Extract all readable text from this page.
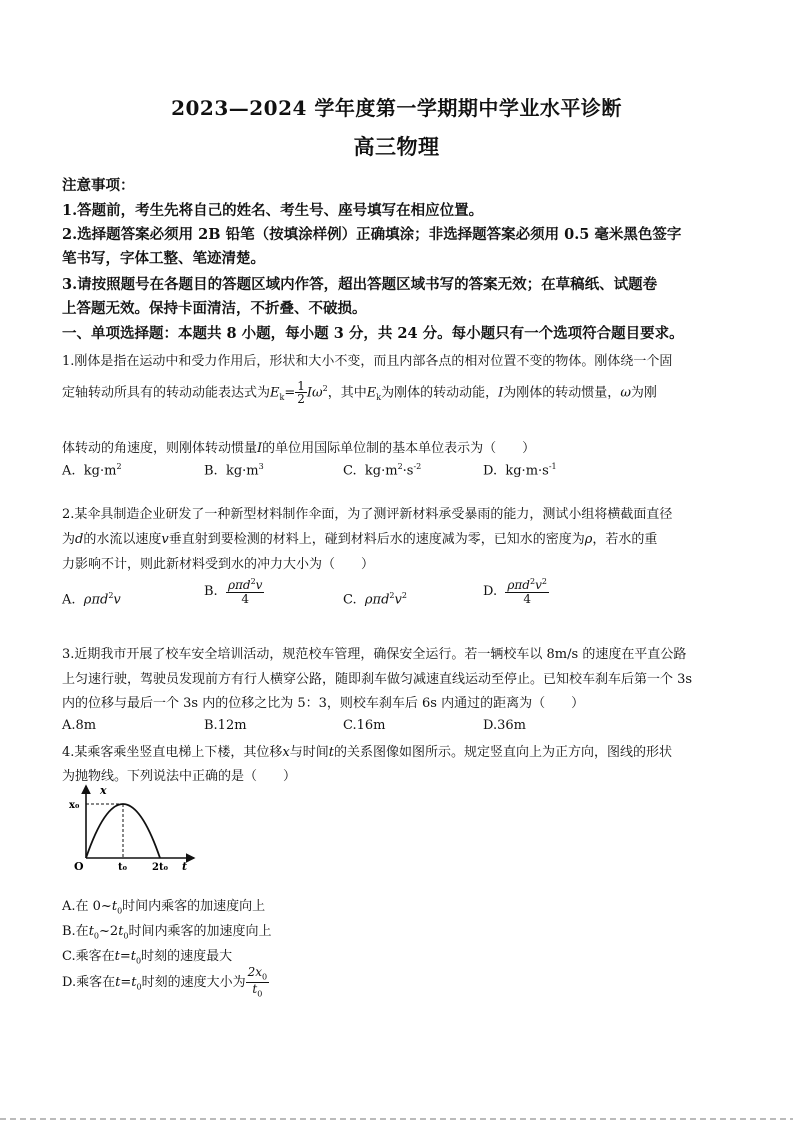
2023—2024 学年度第一学期期中学业水平诊断
高三物理
注意事项：
1.答题前，考生先将自己的姓名、考生号、座号填写在相应位置。
2.选择题答案必须用 2B 铅笔（按填涂样例）正确填涂；非选择题答案必须用 0.5 毫米黑色签字
笔书写，字体工整、笔迹清楚。
3.请按照题号在各题目的答题区域内作答，超出答题区域书写的答案无效；在草稿纸、试题卷
上答题无效。保持卡面清洁，不折叠、不破损。
一、单项选择题：本题共 8 小题，每小题 3 分，共 24 分。每小题只有一个选项符合题目要求。
1.刚体是指在运动中和受力作用后，形状和大小不变，而且内部各点的相对位置不变的物体。刚体绕一个固
定轴转动所具有的转动动能表达式为$E_k= \frac{1}{2} I\omega^2$，其中$E_k$为刚体的转动动能，I为刚体的转动惯量，ω为刚
体转动的角速度，则刚体转动惯量I的单位用国际单位制的基本单位表示为（　　）
A. $kg\cdot m^2$	B. $kg\cdot m^3$	C. $kg\cdot m^2\cdot s^{-2}$	D. $kg\cdot m\cdot s^{-1}$
2.某伞具制造企业研发了一种新型材料制作伞面，为了测评新材料承受暴雨的能力，测试小组将横截面直径
为d的水流以速度v垂直射到要检测的材料上，碰到材料后水的速度减为零，已知水的密度为ρ，若水的重
力影响不计，则此新材料受到水的冲力大小为（　　）
A. ρπd$^2$v
B. $\frac{\rho\pi d^2v}{4}$	C. $\rho\pi d^2v^2$	D. $\frac{\rho\pi d^2v^2}{4}$
3.近期我市开展了校车安全培训活动，规范校车管理，确保安全运行。若一辆校车以 8m/s 的速度在平直公路
上匀速行驶，驾驶员发现前方有行人横穿公路，随即刹车做匀减速直线运动至停止。已知校车刹车后第一个 3s
内的位移与最后一个 3s 内的位移之比为 5：3，则校车刹车后 6s 内通过的距离为（　　）
A.8m	B.12m	C.16m	D.36m
4.某乘客乘坐竖直电梯上下楼，其位移x与时间t的关系图像如图所示。规定竖直向上为正方向，图线的形状
为抛物线。下列说法中正确的是（　　）
x
x₀
O	t₀	2t₀ t
A.在 $0\sim t_0$时间内乘客的加速度向上
B.在$t_0\sim 2t_0$时间内乘客的加速度向上
C.乘客在$t=t_0$时刻的速度最大
D.乘客在$t=t_0$时刻的速度大小为 $\frac{2x_0}{t_0}$
